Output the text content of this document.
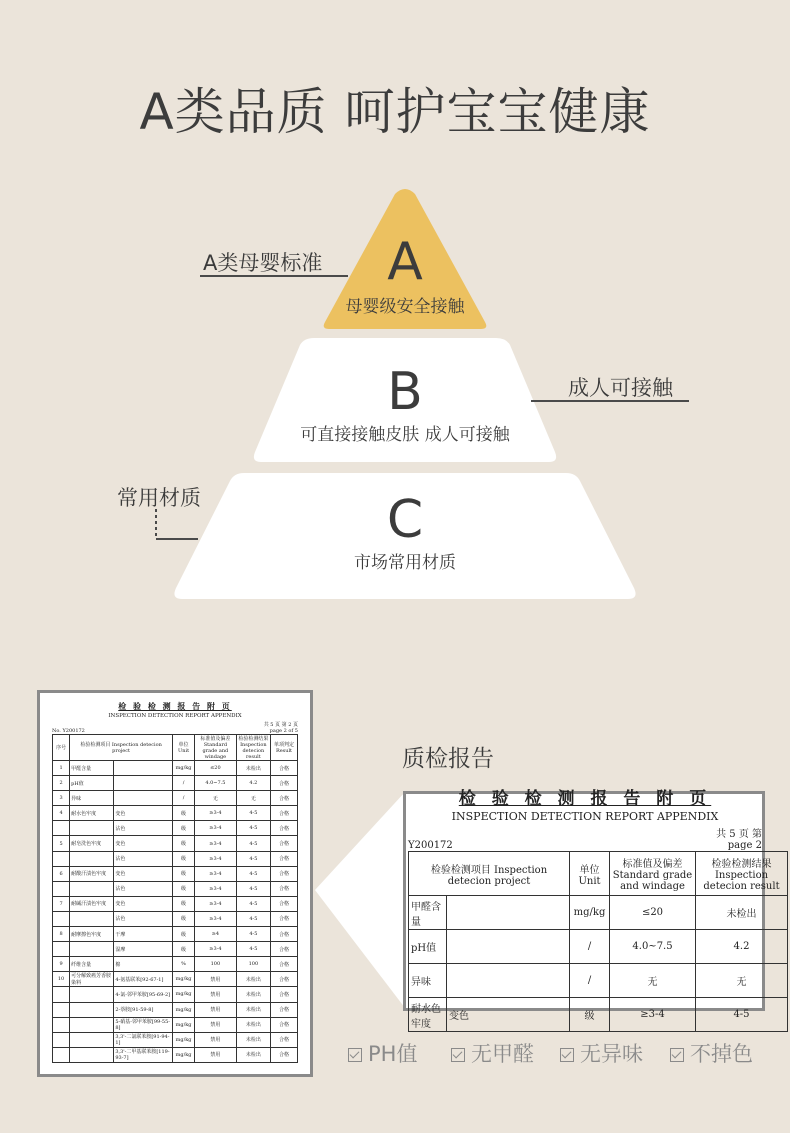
A类品质 呵护宝宝健康
A
母婴级安全接触
A类母婴标准
B
可直接接触皮肤 成人可接触
成人可接触
C
市场常用材质
常用材质
检 验 检 测 报 告 附 页
INSPECTION DETECTION REPORT APPENDIX
共 5 页 第 2 页
No. Y200172	page 2 of 5
序号	检验检测项目 Inspection detecion project		单位 Unit	标准值及偏差 Standard grade and windage	检验检测结果 Inspection detecion result	单项判定Result
1	甲醛含量		mg/kg	≤20	未检出	合格
2	pH值		/	4.0~7.5	4.2	合格
3	异味		/	无	无	合格
4	耐水色牢度	变色	级	≥3-4	4-5	合格
		沾色	级	≥3-4	4-5	合格
5	耐皂洗色牢度	变色	级	≥3-4	4-5	合格
		沾色	级	≥3-4	4-5	合格
6	耐酸汗渍色牢度	变色	级	≥3-4	4-5	合格
		沾色	级	≥3-4	4-5	合格
7	耐碱汗渍色牢度	变色	级	≥3-4	4-5	合格
		沾色	级	≥3-4	4-5	合格
8	耐摩擦色牢度	干摩	级	≥4	4-5	合格
		湿摩	级	≥3-4	4-5	合格
9	纤维含量	棉	%	100	100	合格
10	可分解致癌芳香胺染料	4-氨基联苯[92-67-1]	mg/kg	禁用	未检出	合格
		4-氯-邻甲苯胺[95-69-2]	mg/kg	禁用	未检出	合格
		2-萘胺[91-59-8]	mg/kg	禁用	未检出	合格
		5-硝基-邻甲苯胺[99-55-8]	mg/kg	禁用	未检出	合格
		3,3'-二氯联苯胺[91-94-1]	mg/kg	禁用	未检出	合格
		3,3'-二甲基联苯胺[119-93-7]	mg/kg	禁用	未检出	合格
检 验 检 测 报 告 附 页
INSPECTION DETECTION REPORT APPENDIX
共 5 页 第
Y200172	page 2
检验检测项目 Inspection detecion project		单位 Unit	标准值及偏差 Standard grade and windage	检验检测结果 Inspection detecion result
甲醛含量		mg/kg	≤20	未检出
pH值		/	4.0~7.5	4.2
异味		/	无	无
耐水色牢度	变色	级	≥3-4	4-5
质检报告
PH值	无甲醛	无异味	不掉色
